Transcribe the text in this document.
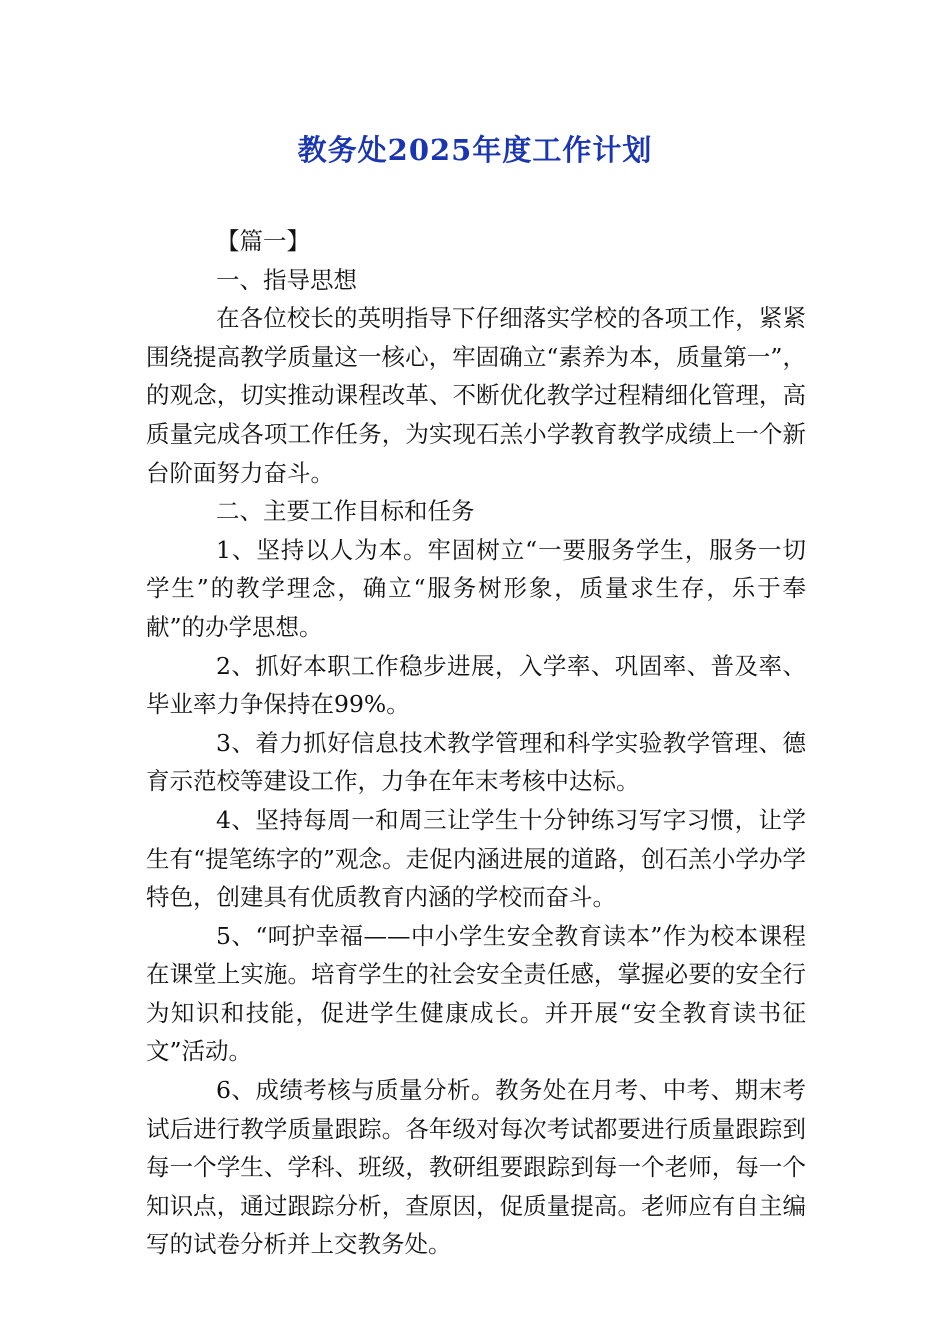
教务处2025年度工作计划

【篇一】

一、指导思想

在各位校长的英明指导下仔细落实学校的各项工作，紧紧围绕提高教学质量这一核心，牢固确立“素养为本，质量第一”，的观念，切实推动课程改革、不断优化教学过程精细化管理，高质量完成各项工作任务，为实现石羔小学教育教学成绩上一个新台阶面努力奋斗。

二、主要工作目标和任务

1、坚持以人为本。牢固树立“一要服务学生，服务一切学生”的教学理念，确立“服务树形象，质量求生存，乐于奉献”的办学思想。

2、抓好本职工作稳步进展，入学率、巩固率、普及率、毕业率力争保持在99%。

3、着力抓好信息技术教学管理和科学实验教学管理、德育示范校等建设工作，力争在年末考核中达标。

4、坚持每周一和周三让学生十分钟练习写字习惯，让学生有“提笔练字的”观念。走促内涵进展的道路，创石羔小学办学特色，创建具有优质教育内涵的学校而奋斗。

5、“呵护幸福——中小学生安全教育读本”作为校本课程在课堂上实施。培育学生的社会安全责任感，掌握必要的安全行为知识和技能，促进学生健康成长。并开展“安全教育读书征文”活动。

6、成绩考核与质量分析。教务处在月考、中考、期末考试后进行教学质量跟踪。各年级对每次考试都要进行质量跟踪到每一个学生、学科、班级，教研组要跟踪到每一个老师，每一个知识点，通过跟踪分析，查原因，促质量提高。老师应有自主编写的试卷分析并上交教务处。
